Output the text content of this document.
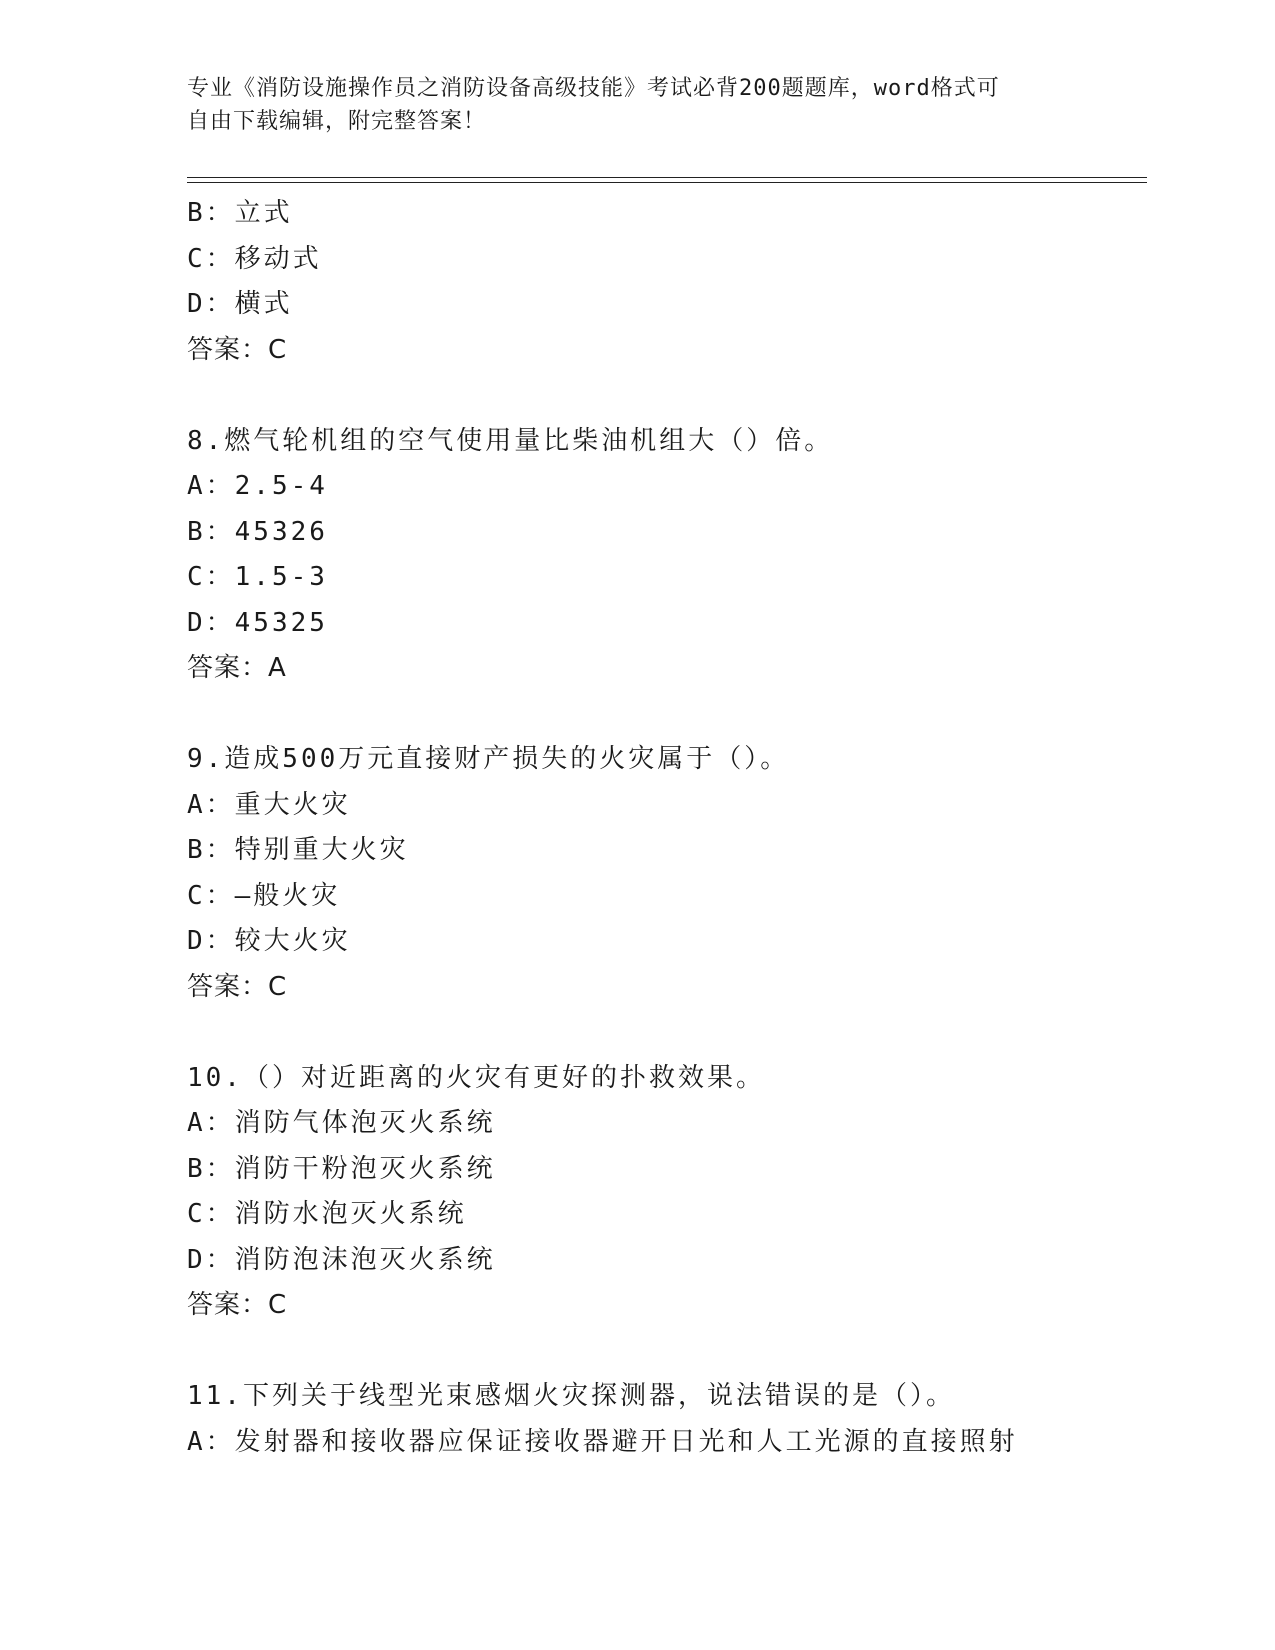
专业《消防设施操作员之消防设备高级技能》考试必背200题题库，word格式可
自由下载编辑，附完整答案！
B：立式
C：移动式
D：横式
答案：C
8.燃气轮机组的空气使用量比柴油机组大（）倍。
A：2.5-4
B：45326
C：1.5-3
D：45325
答案：A
9.造成500万元直接财产损失的火灾属于（）。
A：重大火灾
B：特别重大火灾
C：—般火灾
D：较大火灾
答案：C
10.（）对近距离的火灾有更好的扑救效果。
A：消防气体泡灭火系统
B：消防干粉泡灭火系统
C：消防水泡灭火系统
D：消防泡沫泡灭火系统
答案：C
11.下列关于线型光束感烟火灾探测器，说法错误的是（）。
A：发射器和接收器应保证接收器避开日光和人工光源的直接照射
